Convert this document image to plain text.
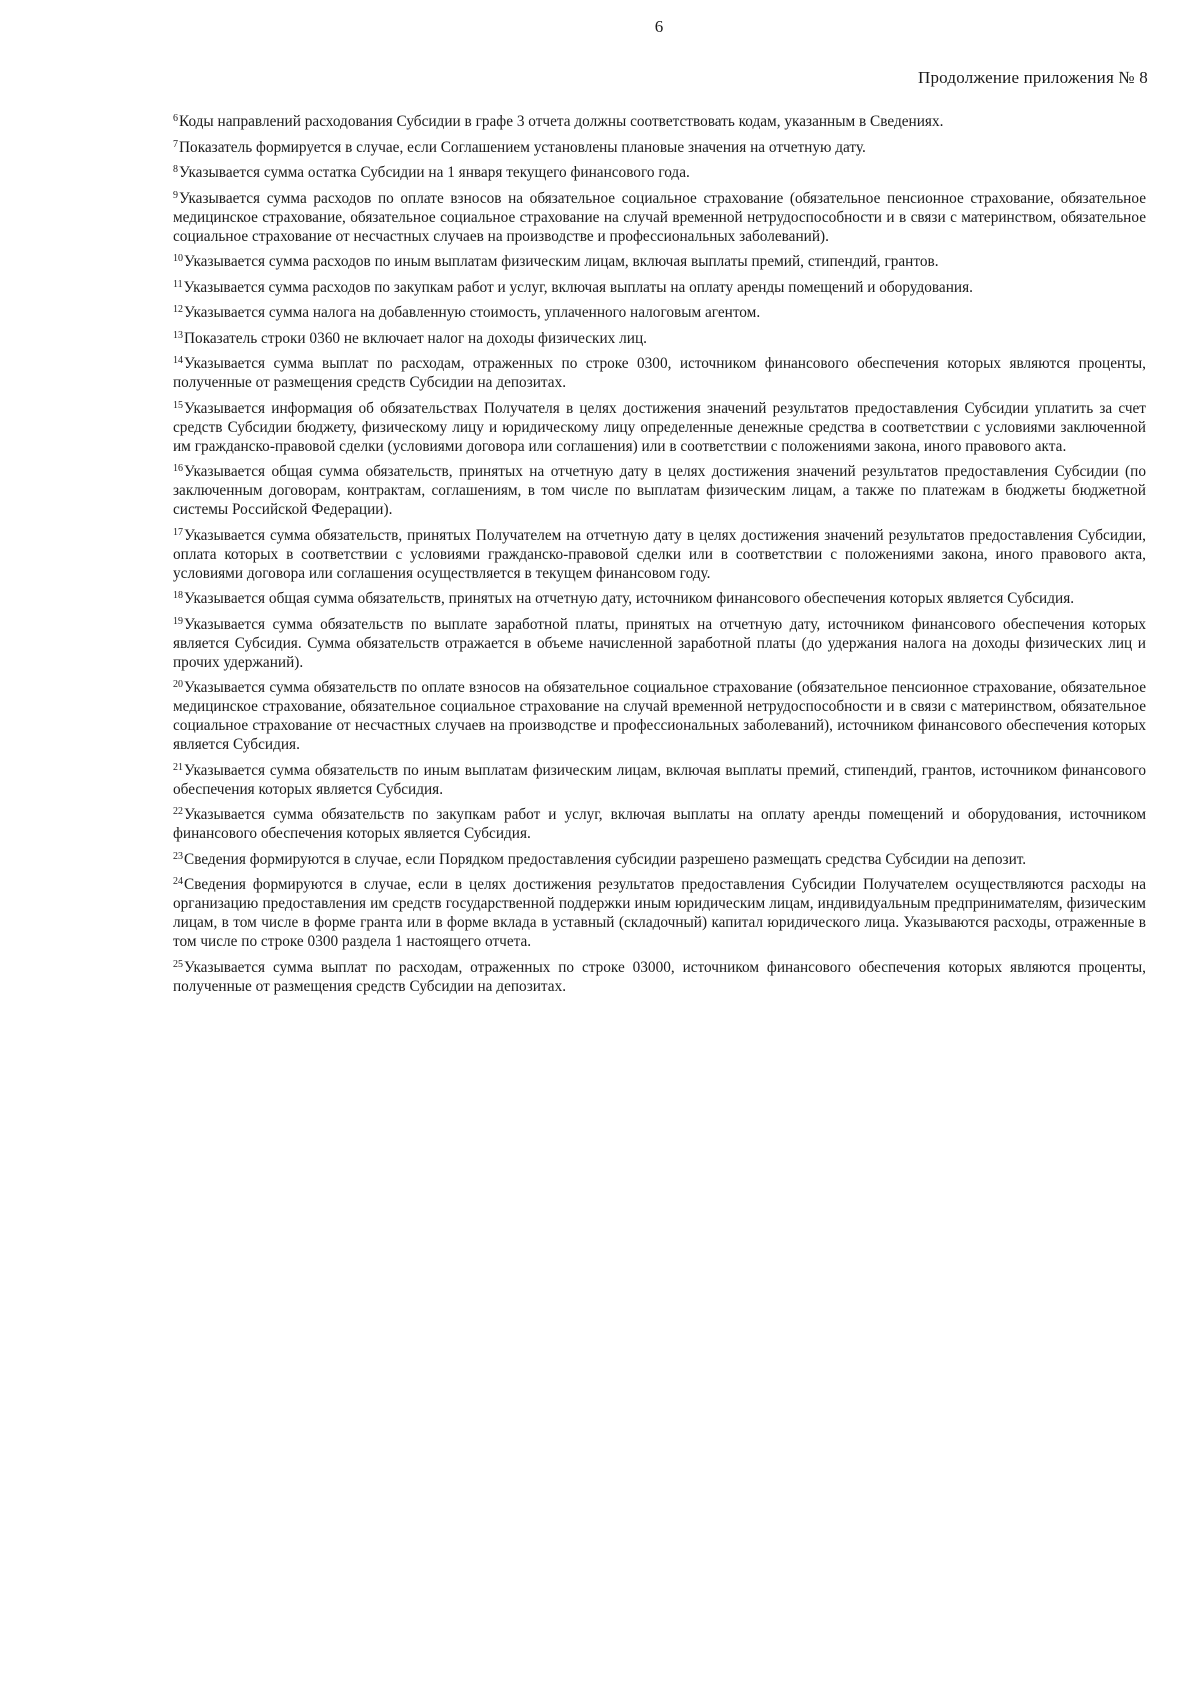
6
Продолжение приложения № 8

$^6$Коды направлений расходования Субсидии в графе 3 отчета должны соответствовать кодам, указанным в Сведениях.

$^7$Показатель формируется в случае, если Соглашением установлены плановые значения на отчетную дату.

$^8$Указывается сумма остатка Субсидии на 1 января текущего финансового года.

$^9$Указывается сумма расходов по оплате взносов на обязательное социальное страхование (обязательное пенсионное страхование, обязательное медицинское страхование, обязательное социальное страхование на случай временной нетрудоспособности и в связи с материнством, обязательное социальное страхование от несчастных случаев на производстве и профессиональных заболеваний).

$^{10}$Указывается сумма расходов по иным выплатам физическим лицам, включая выплаты премий, стипендий, грантов.

$^{11}$Указывается сумма расходов по закупкам работ и услуг, включая выплаты на оплату аренды помещений и оборудования.

$^{12}$Указывается сумма налога на добавленную стоимость, уплаченного налоговым агентом.

$^{13}$Показатель строки 0360 не включает налог на доходы физических лиц.

$^{14}$Указывается сумма выплат по расходам, отраженных по строке 0300, источником финансового обеспечения которых являются проценты, полученные от размещения средств Субсидии на депозитах.

$^{15}$Указывается информация об обязательствах Получателя в целях достижения значений результатов предоставления Субсидии уплатить за счет средств Субсидии бюджету, физическому лицу и юридическому лицу определенные денежные средства в соответствии с условиями заключенной им гражданско-правовой сделки (условиями договора или соглашения) или в соответствии с положениями закона, иного правового акта.

$^{16}$Указывается общая сумма обязательств, принятых на отчетную дату в целях достижения значений результатов предоставления Субсидии (по заключенным договорам, контрактам, соглашениям, в том числе по выплатам физическим лицам, а также по платежам в бюджеты бюджетной системы Российской Федерации).

$^{17}$Указывается сумма обязательств, принятых Получателем на отчетную дату в целях достижения значений результатов предоставления Субсидии, оплата которых в соответствии с условиями гражданско-правовой сделки или в соответствии с положениями закона, иного правового акта, условиями договора или соглашения осуществляется в текущем финансовом году.

$^{18}$Указывается общая сумма обязательств, принятых на отчетную дату, источником финансового обеспечения которых является Субсидия.

$^{19}$Указывается сумма обязательств по выплате заработной платы, принятых на отчетную дату, источником финансового обеспечения которых является Субсидия. Сумма обязательств отражается в объеме начисленной заработной платы (до удержания налога на доходы физических лиц и прочих удержаний).

$^{20}$Указывается сумма обязательств по оплате взносов на обязательное социальное страхование (обязательное пенсионное страхование, обязательное медицинское страхование, обязательное социальное страхование на случай временной нетрудоспособности и в связи с материнством, обязательное социальное страхование от несчастных случаев на производстве и профессиональных заболеваний), источником финансового обеспечения которых является Субсидия.

$^{21}$Указывается сумма обязательств по иным выплатам физическим лицам, включая выплаты премий, стипендий, грантов, источником финансового обеспечения которых является Субсидия.

$^{22}$Указывается сумма обязательств по закупкам работ и услуг, включая выплаты на оплату аренды помещений и оборудования, источником финансового обеспечения которых является Субсидия.

$^{23}$Сведения формируются в случае, если Порядком предоставления субсидии разрешено размещать средства Субсидии на депозит.

$^{24}$Сведения формируются в случае, если в целях достижения результатов предоставления Субсидии Получателем осуществляются расходы на организацию предоставления им средств государственной поддержки иным юридическим лицам, индивидуальным предпринимателям, физическим лицам, в том числе в форме гранта или в форме вклада в уставный (складочный) капитал юридического лица. Указываются расходы, отраженные в том числе по строке 0300 раздела 1 настоящего отчета.

$^{25}$Указывается сумма выплат по расходам, отраженных по строке 03000, источником финансового обеспечения которых являются проценты, полученные от размещения средств Субсидии на депозитах.
